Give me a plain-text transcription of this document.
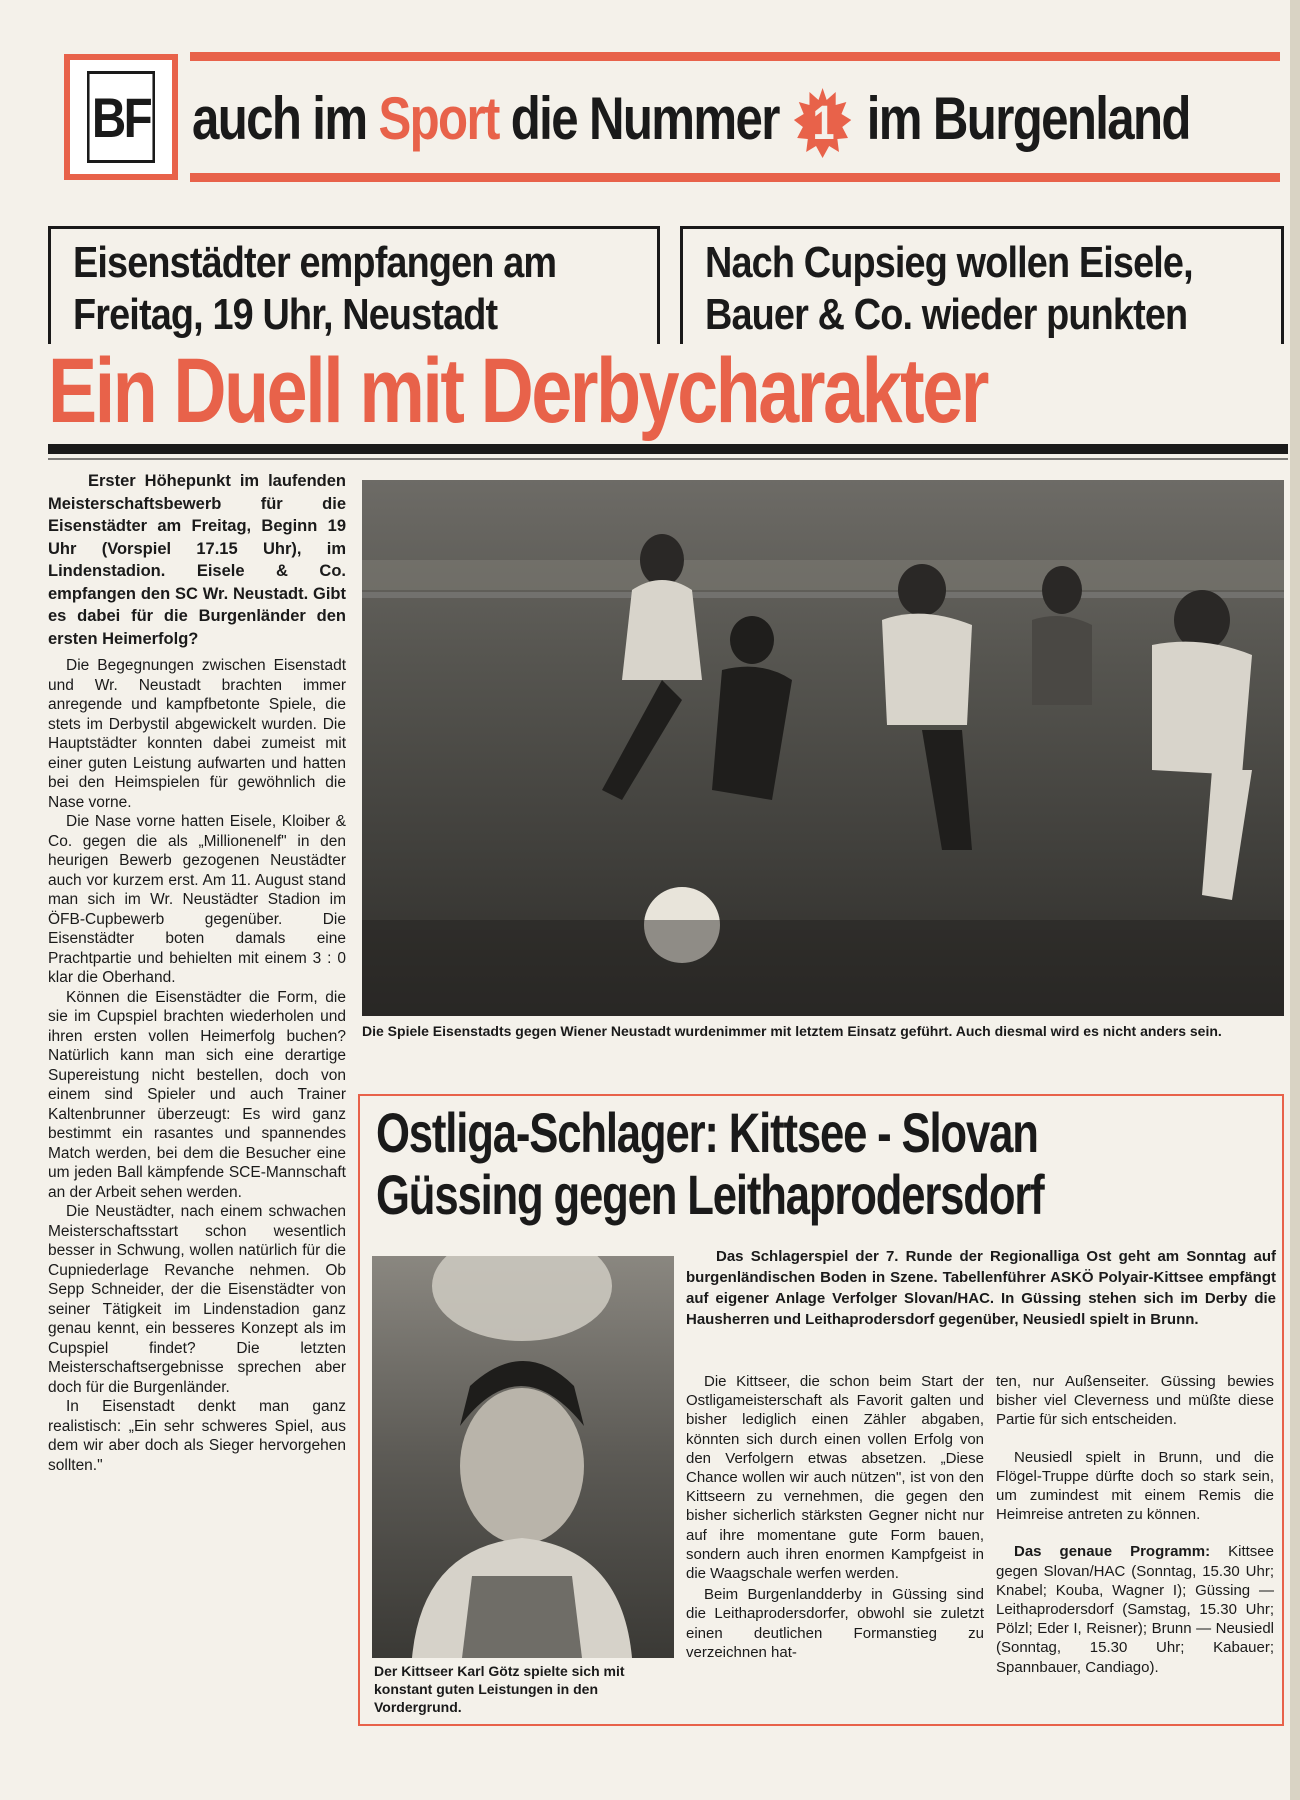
BF auch im Sport die Nummer 1 im Burgenland
Eisenstädter empfangen am
Freitag, 19 Uhr, Neustadt
Nach Cupsieg wollen Eisele,
Bauer & Co. wieder punkten
Ein Duell mit Derbycharakter

Erster Höhepunkt im laufenden Meisterschaftsbewerb für die Eisenstädter am Freitag, Beginn 19 Uhr (Vorspiel 17.15 Uhr), im Lindenstadion. Eisele & Co. empfangen den SC Wr. Neustadt. Gibt es dabei für die Burgenländer den ersten Heimerfolg?

Die Begegnungen zwischen Eisenstadt und Wr. Neustadt brachten immer anregende und kampfbetonte Spiele, die stets im Derbystil abgewickelt wurden. Die Hauptstädter konnten dabei zumeist mit einer guten Leistung aufwarten und hatten bei den Heimspielen für gewöhnlich die Nase vorne.

Die Nase vorne hatten Eisele, Kloiber & Co. gegen die als „Millionenelf" in den heurigen Bewerb gezogenen Neustädter auch vor kurzem erst. Am 11. August stand man sich im Wr. Neustädter Stadion im ÖFB-Cupbewerb gegenüber. Die Eisenstädter boten damals eine Prachtpartie und behielten mit einem 3 : 0 klar die Oberhand.

Können die Eisenstädter die Form, die sie im Cupspiel brachten wiederholen und ihren ersten vollen Heimerfolg buchen? Natürlich kann man sich eine derartige Supereistung nicht bestellen, doch von einem sind Spieler und auch Trainer Kaltenbrunner überzeugt: Es wird ganz bestimmt ein rasantes und spannendes Match werden, bei dem die Besucher eine um jeden Ball kämpfende SCE-Mannschaft an der Arbeit sehen werden.

Die Neustädter, nach einem schwachen Meisterschaftsstart schon wesentlich besser in Schwung, wollen natürlich für die Cupniederlage Revanche nehmen. Ob Sepp Schneider, der die Eisenstädter von seiner Tätigkeit im Lindenstadion ganz genau kennt, ein besseres Konzept als im Cupspiel findet? Die letzten Meisterschaftsergebnisse sprechen aber doch für die Burgenländer.

In Eisenstadt denkt man ganz realistisch: „Ein sehr schweres Spiel, aus dem wir aber doch als Sieger hervorgehen sollten."

Die Spiele Eisenstadts gegen Wiener Neustadt wurdenimmer mit letztem Einsatz geführt. Auch diesmal wird es nicht anders sein.
Ostliga-Schlager: Kittsee - Slovan
Güssing gegen Leithaprodersdorf
Der Kittseer Karl Götz spielte sich mit konstant guten Leistungen in den Vordergrund.

Das Schlagerspiel der 7. Runde der Regionalliga Ost geht am Sonntag auf burgenländischen Boden in Szene. Tabellenführer ASKÖ Polyair-Kittsee empfängt auf eigener Anlage Verfolger Slovan/HAC. In Güssing stehen sich im Derby die Hausherren und Leithaprodersdorf gegenüber, Neusiedl spielt in Brunn.

Die Kittseer, die schon beim Start der Ostligameisterschaft als Favorit galten und bisher lediglich einen Zähler abgaben, könnten sich durch einen vollen Erfolg von den Verfolgern etwas absetzen. „Diese Chance wollen wir auch nützen", ist von den Kittseern zu vernehmen, die gegen den bisher sicherlich stärksten Gegner nicht nur auf ihre momentane gute Form bauen, sondern auch ihren enormen Kampfgeist in die Waagschale werfen werden.

Beim Burgenlandderby in Güssing sind die Leithaprodersdorfer, obwohl sie zuletzt einen deutlichen Formanstieg zu verzeichnen hat-

ten, nur Außenseiter. Güssing bewies bisher viel Cleverness und müßte diese Partie für sich entscheiden.

Neusiedl spielt in Brunn, und die Flögel-Truppe dürfte doch so stark sein, um zumindest mit einem Remis die Heimreise antreten zu können.

Das genaue Programm: Kittsee gegen Slovan/HAC (Sonntag, 15.30 Uhr; Knabel; Kouba, Wagner I); Güssing — Leithaprodersdorf (Samstag, 15.30 Uhr; Pölzl; Eder I, Reisner); Brunn — Neusiedl (Sonntag, 15.30 Uhr; Kabauer; Spannbauer, Candiago).
